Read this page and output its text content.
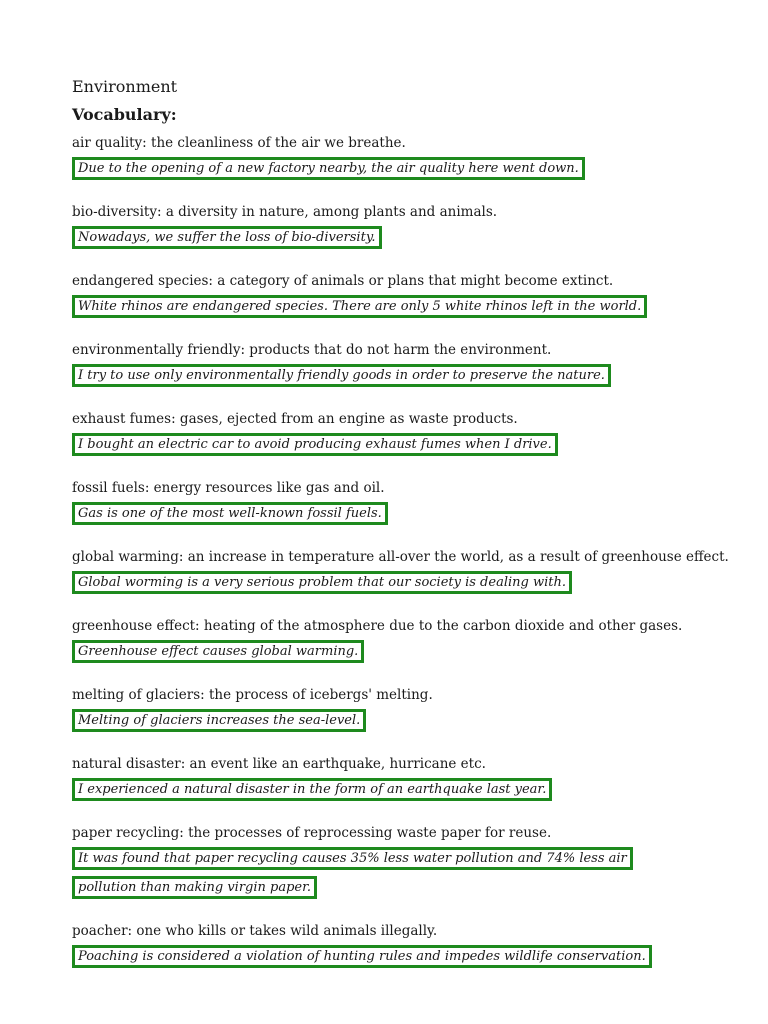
Environment
Vocabulary:

air quality: the cleanliness of the air we breathe.

Due to the opening of a new factory nearby, the air quality here went down.

bio-diversity: a diversity in nature, among plants and animals.

Nowadays, we suffer the loss of bio-diversity.

endangered species: a category of animals or plans that might become extinct.

White rhinos are endangered species. There are only 5 white rhinos left in the world.

environmentally friendly: products that do not harm the environment.

I try to use only environmentally friendly goods in order to preserve the nature.

exhaust fumes: gases, ejected from an engine as waste products.

I bought an electric car to avoid producing exhaust fumes when I drive.

fossil fuels: energy resources like gas and oil.

Gas is one of the most well-known fossil fuels.

global warming: an increase in temperature all-over the world, as a result of greenhouse effect.

Global worming is a very serious problem that our society is dealing with.

greenhouse effect: heating of the atmosphere due to the carbon dioxide and other gases.

Greenhouse effect causes global warming.

melting of glaciers: the process of icebergs' melting.

Melting of glaciers increases the sea-level.

natural disaster: an event like an earthquake, hurricane etc.

I experienced a natural disaster in the form of an earthquake last year.

paper recycling: the processes of reprocessing waste paper for reuse.

It was found that paper recycling causes 35% less water pollution and 74% less air pollution than making virgin paper.

poacher: one who kills or takes wild animals illegally.

Poaching is considered a violation of hunting rules and impedes wildlife conservation.
